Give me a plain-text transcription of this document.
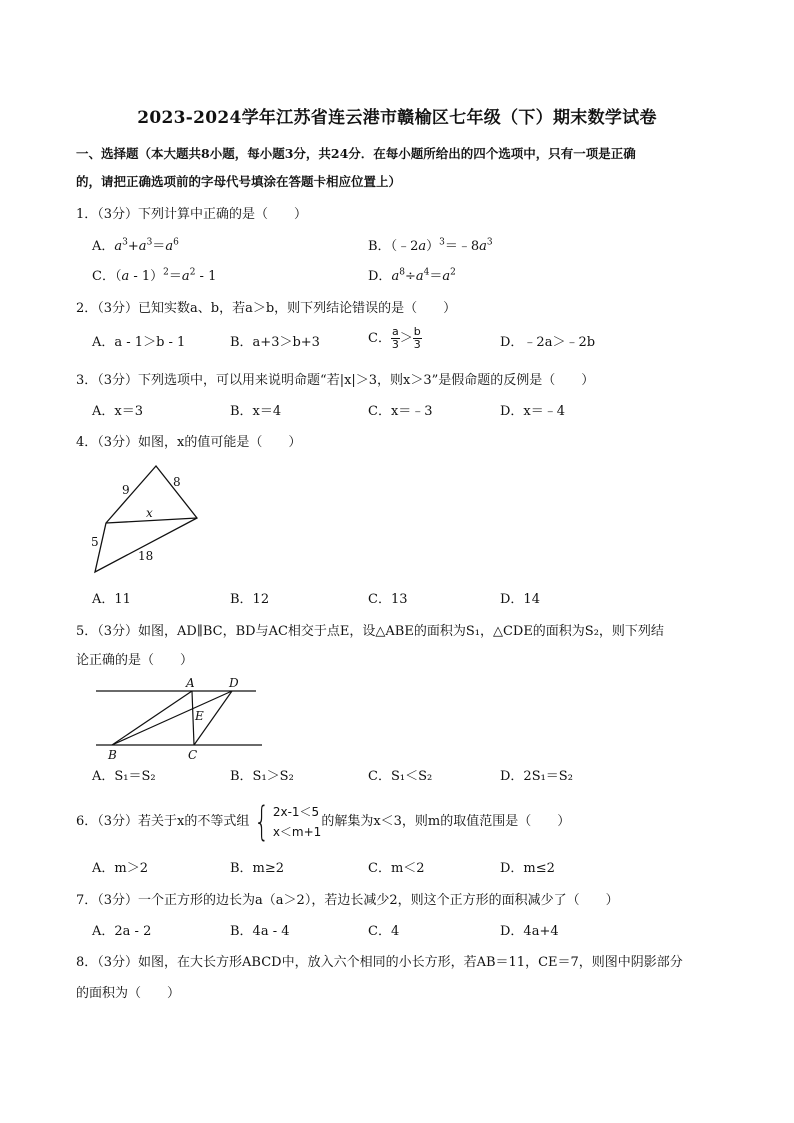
2023-2024学年江苏省连云港市赣榆区七年级（下）期末数学试卷
一、选择题（本大题共8小题，每小题3分，共24分．在每小题所给出的四个选项中，只有一项是正确
的，请把正确选项前的字母代号填涂在答题卡相应位置上）
1．（3分）下列计算中正确的是（　　）
A．$a^3+a^3=a^6$	B．$(﹣2a)^3=﹣8a^3$
C．$(a - 1)^2=a^2 - 1$	D．$a^8\div a^4=a^2$
2．（3分）已知实数a、b，若a＞b，则下列结论错误的是（　　）
A．a - 1＞b - 1	B．a+3＞b+3	C． $\frac{a}{3} > \frac{b}{3}$	D．﹣2a＞﹣2b
3．（3分）下列选项中，可以用来说明命题“若|x|＞3，则x＞3”是假命题的反例是（　　）
A．x＝3	B．x＝4	C．x＝﹣3	D．x＝﹣4
4．（3分）如图，x的值可能是（　　）
9
8
x
5
18
A．11	B．12	C．13	D．14
5．（3分）如图，AD∥BC，BD与AC相交于点E，设△ABE的面积为S₁，△CDE的面积为S₂，则下列结
论正确的是（　　）
A	D
E
B	C
A．S₁＝S₂	B．S₁＞S₂	C．S₁＜S₂	D．2S₁＝S₂
6．（3分）若关于x的不等式组 { 2x-1＜5
x＜m+1
的解集为x＜3，则m的取值范围是（　　）
A．m＞2	B．m≥2	C．m＜2	D．m≤2
7．（3分）一个正方形的边长为a（a＞2），若边长减少2，则这个正方形的面积减少了（　　）
A．2a - 2	B．4a - 4	C．4	D．4a+4
8．（3分）如图，在大长方形ABCD中，放入六个相同的小长方形，若AB＝11，CE＝7，则图中阴影部分
的面积为（　　）
